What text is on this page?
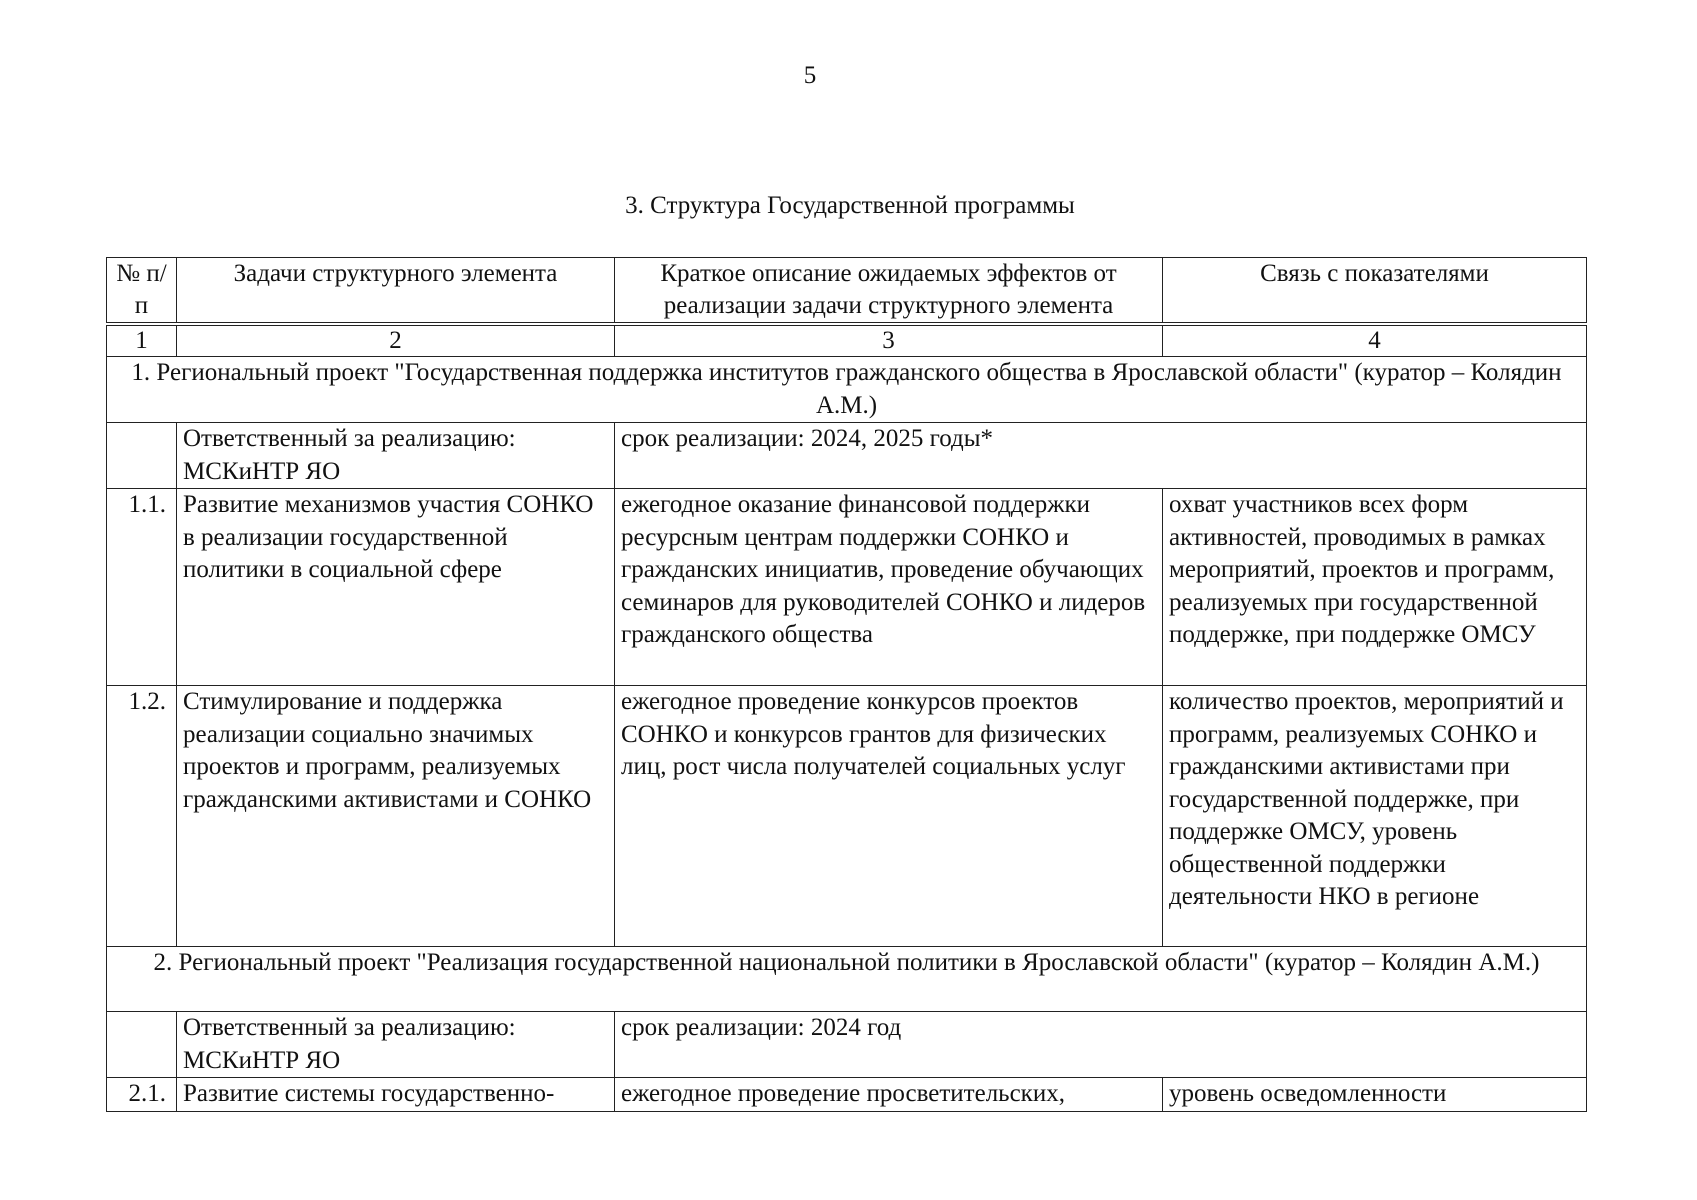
5
3. Структура Государственной программы
№ п/п	Задачи структурного элемента	Краткое описание ожидаемых эффектов от реализации задачи структурного элемента	Связь с показателями
1	2	3	4
1. Региональный проект "Государственная поддержка институтов гражданского общества в Ярославской области" (куратор – Колядин А.М.)			
	Ответственный за реализацию: МСКиНТР ЯО	срок реализации: 2024, 2025 годы*	
1.1.	Развитие механизмов участия СОНКО в реализации государственной политики в социальной сфере	ежегодное оказание финансовой поддержки ресурсным центрам поддержки СОНКО и гражданских инициатив, проведение обучающих семинаров для руководителей СОНКО и лидеров гражданского общества	охват участников всех форм активностей, проводимых в рамках мероприятий, проектов и программ, реализуемых при государственной поддержке, при поддержке ОМСУ
1.2.	Стимулирование и поддержка реализации социально значимых проектов и программ, реализуемых гражданскими активистами и СОНКО	ежегодное проведение конкурсов проектов СОНКО и конкурсов грантов для физических лиц, рост числа получателей социальных услуг	количество проектов, мероприятий и программ, реализуемых СОНКО и гражданскими активистами при государственной поддержке, при поддержке ОМСУ, уровень общественной поддержки деятельности НКО в регионе
2. Региональный проект "Реализация государственной национальной политики в Ярославской области" (куратор – Колядин А.М.)			
	Ответственный за реализацию: МСКиНТР ЯО	срок реализации: 2024 год	
2.1.	Развитие системы государственно-	ежегодное проведение просветительских,	уровень осведомленности
